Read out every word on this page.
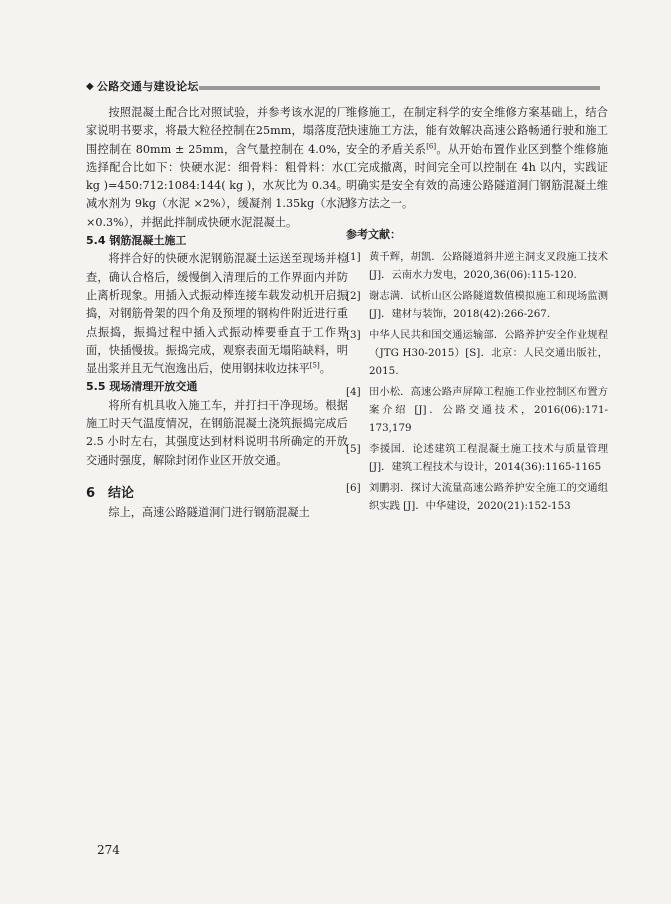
◆ 公路交通与建设论坛

按照混凝土配合比对照试验，并参考该水泥的厂家说明书要求，将最大粒径控制在25mm，塌落度范围控制在 80mm ± 25mm，含气量控制在 4.0%，选择配合比如下：快硬水泥：细骨料：粗骨料：水( kg )=450:712:1084:144( kg )，水灰比为 0.34。减水剂为 9kg（水泥 ×2%），缓凝剂 1.35kg（水泥 ×0.3%），并据此拌制成快硬水泥混凝土。

5.4 钢筋混凝土施工

将拌合好的快硬水泥钢筋混凝土运送至现场并检查，确认合格后，缓慢倒入清理后的工作界面内并防止离析现象。用插入式振动棒连接车载发动机开启振捣，对钢筋骨架的四个角及预埋的钢构件附近进行重点振捣，振捣过程中插入式振动棒要垂直于工作界面，快插慢拔。振捣完成，观察表面无塌陷缺料，明显出浆并且无气泡逸出后，使用钢抹收边抹平[5]。

5.5 现场清理开放交通

将所有机具收入施工车，并打扫干净现场。根据施工时天气温度情况，在钢筋混凝土浇筑振捣完成后 2.5 小时左右，其强度达到材料说明书所确定的开放交通时强度，解除封闭作业区开放交通。

6　结论

综上，高速公路隧道洞门进行钢筋混凝土

维修施工，在制定科学的安全维修方案基础上，结合快速施工方法，能有效解决高速公路畅通行驶和施工安全的矛盾关系[6]。从开始布置作业区到整个维修施工完成撤离，时间完全可以控制在 4h 以内，实践证明确实是安全有效的高速公路隧道洞门钢筋混凝土维修方法之一。

参考文献：
[1] 黄千辉，胡凯．公路隧道斜井逆主洞支叉段施工技术 [J]．云南水力发电，2020,36(06):115-120.
[2] 谢志满．试析山区公路隧道数值模拟施工和现场监测 [J]．建材与装饰，2018(42):266-267.
[3] 中华人民共和国交通运输部．公路养护安全作业规程（JTG H30-2015）[S]．北京：人民交通出版社，2015.
[4] 田小松．高速公路声屏障工程施工作业控制区布置方案介绍 [J]．公路交通技术，2016(06):171-173,179
[5] 李援国．论述建筑工程混凝土施工技术与质量管理 [J]．建筑工程技术与设计，2014(36):1165-1165
[6] 刘鹏羽．探讨大流量高速公路养护安全施工的交通组织实践 [J]．中华建设，2020(21):152-153
274
